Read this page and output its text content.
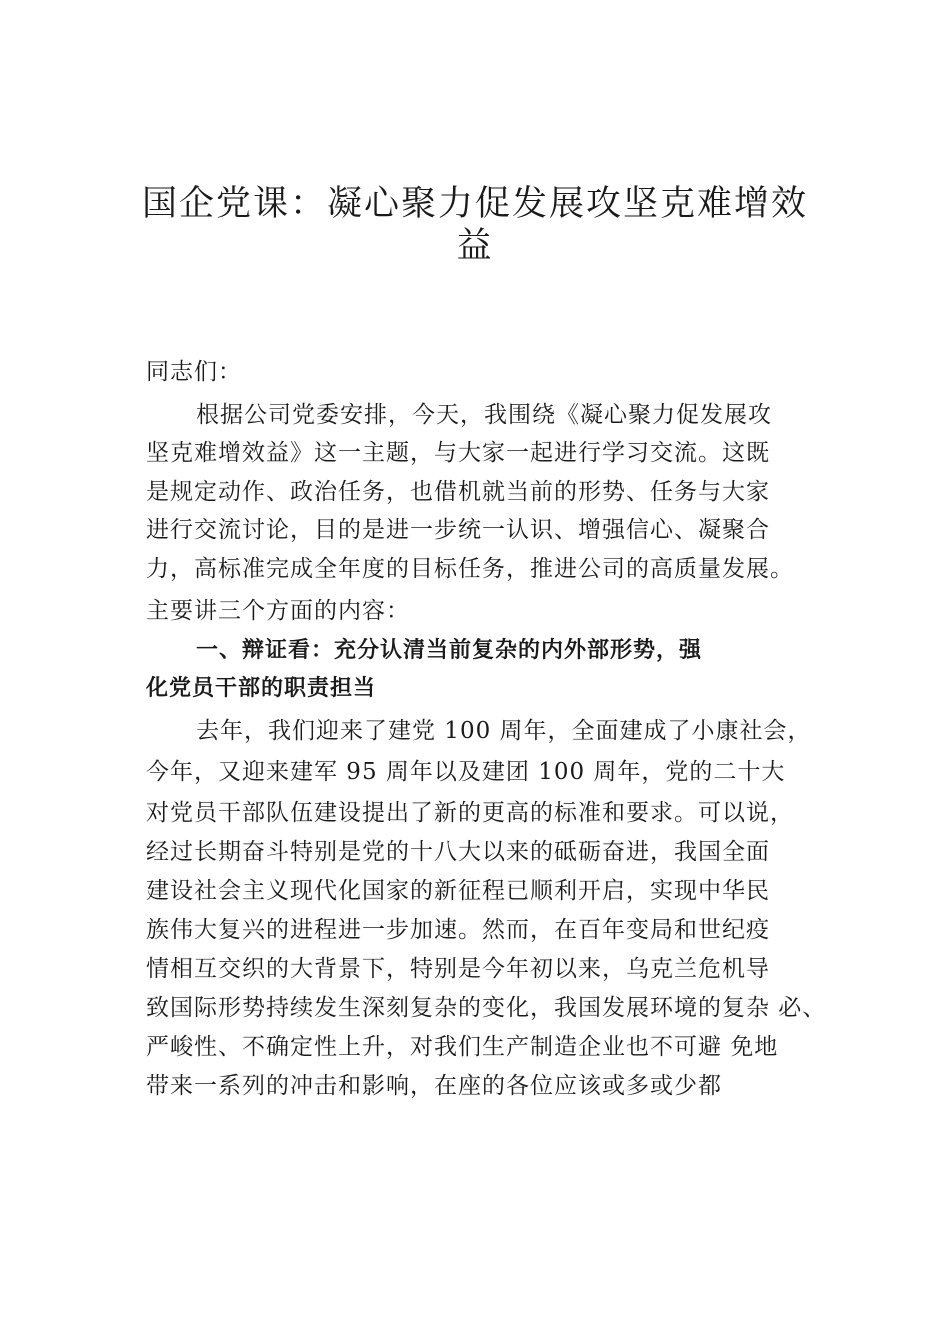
国企党课：凝心聚力促发展攻坚克难增效
益
同志们：
根据公司党委安排，今天，我围绕《凝心聚力促发展攻
坚克难增效益》这一主题，与大家一起进行学习交流。这既
是规定动作、政治任务，也借机就当前的形势、任务与大家
进行交流讨论，目的是进一步统一认识、增强信心、凝聚合
力，高标准完成全年度的目标任务，推进公司的高质量发展。
主要讲三个方面的内容：
一、辩证看：充分认清当前复杂的内外部形势，强
化党员干部的职责担当
去年，我们迎来了建党 100 周年，全面建成了小康社会，
今年，又迎来建军 95 周年以及建团 100 周年，党的二十大
对党员干部队伍建设提出了新的更高的标准和要求。可以说，
经过长期奋斗特别是党的十八大以来的砥砺奋进，我国全面
建设社会主义现代化国家的新征程已顺利开启，实现中华民
族伟大复兴的进程进一步加速。然而，在百年变局和世纪疫
情相互交织的大背景下，特别是今年初以来，乌克兰危机导
致国际形势持续发生深刻复杂的变化，我国发展环境的复杂 必、
严峻性、不确定性上升，对我们生产制造企业也不可避 免地
带来一系列的冲击和影响，在座的各位应该或多或少都
